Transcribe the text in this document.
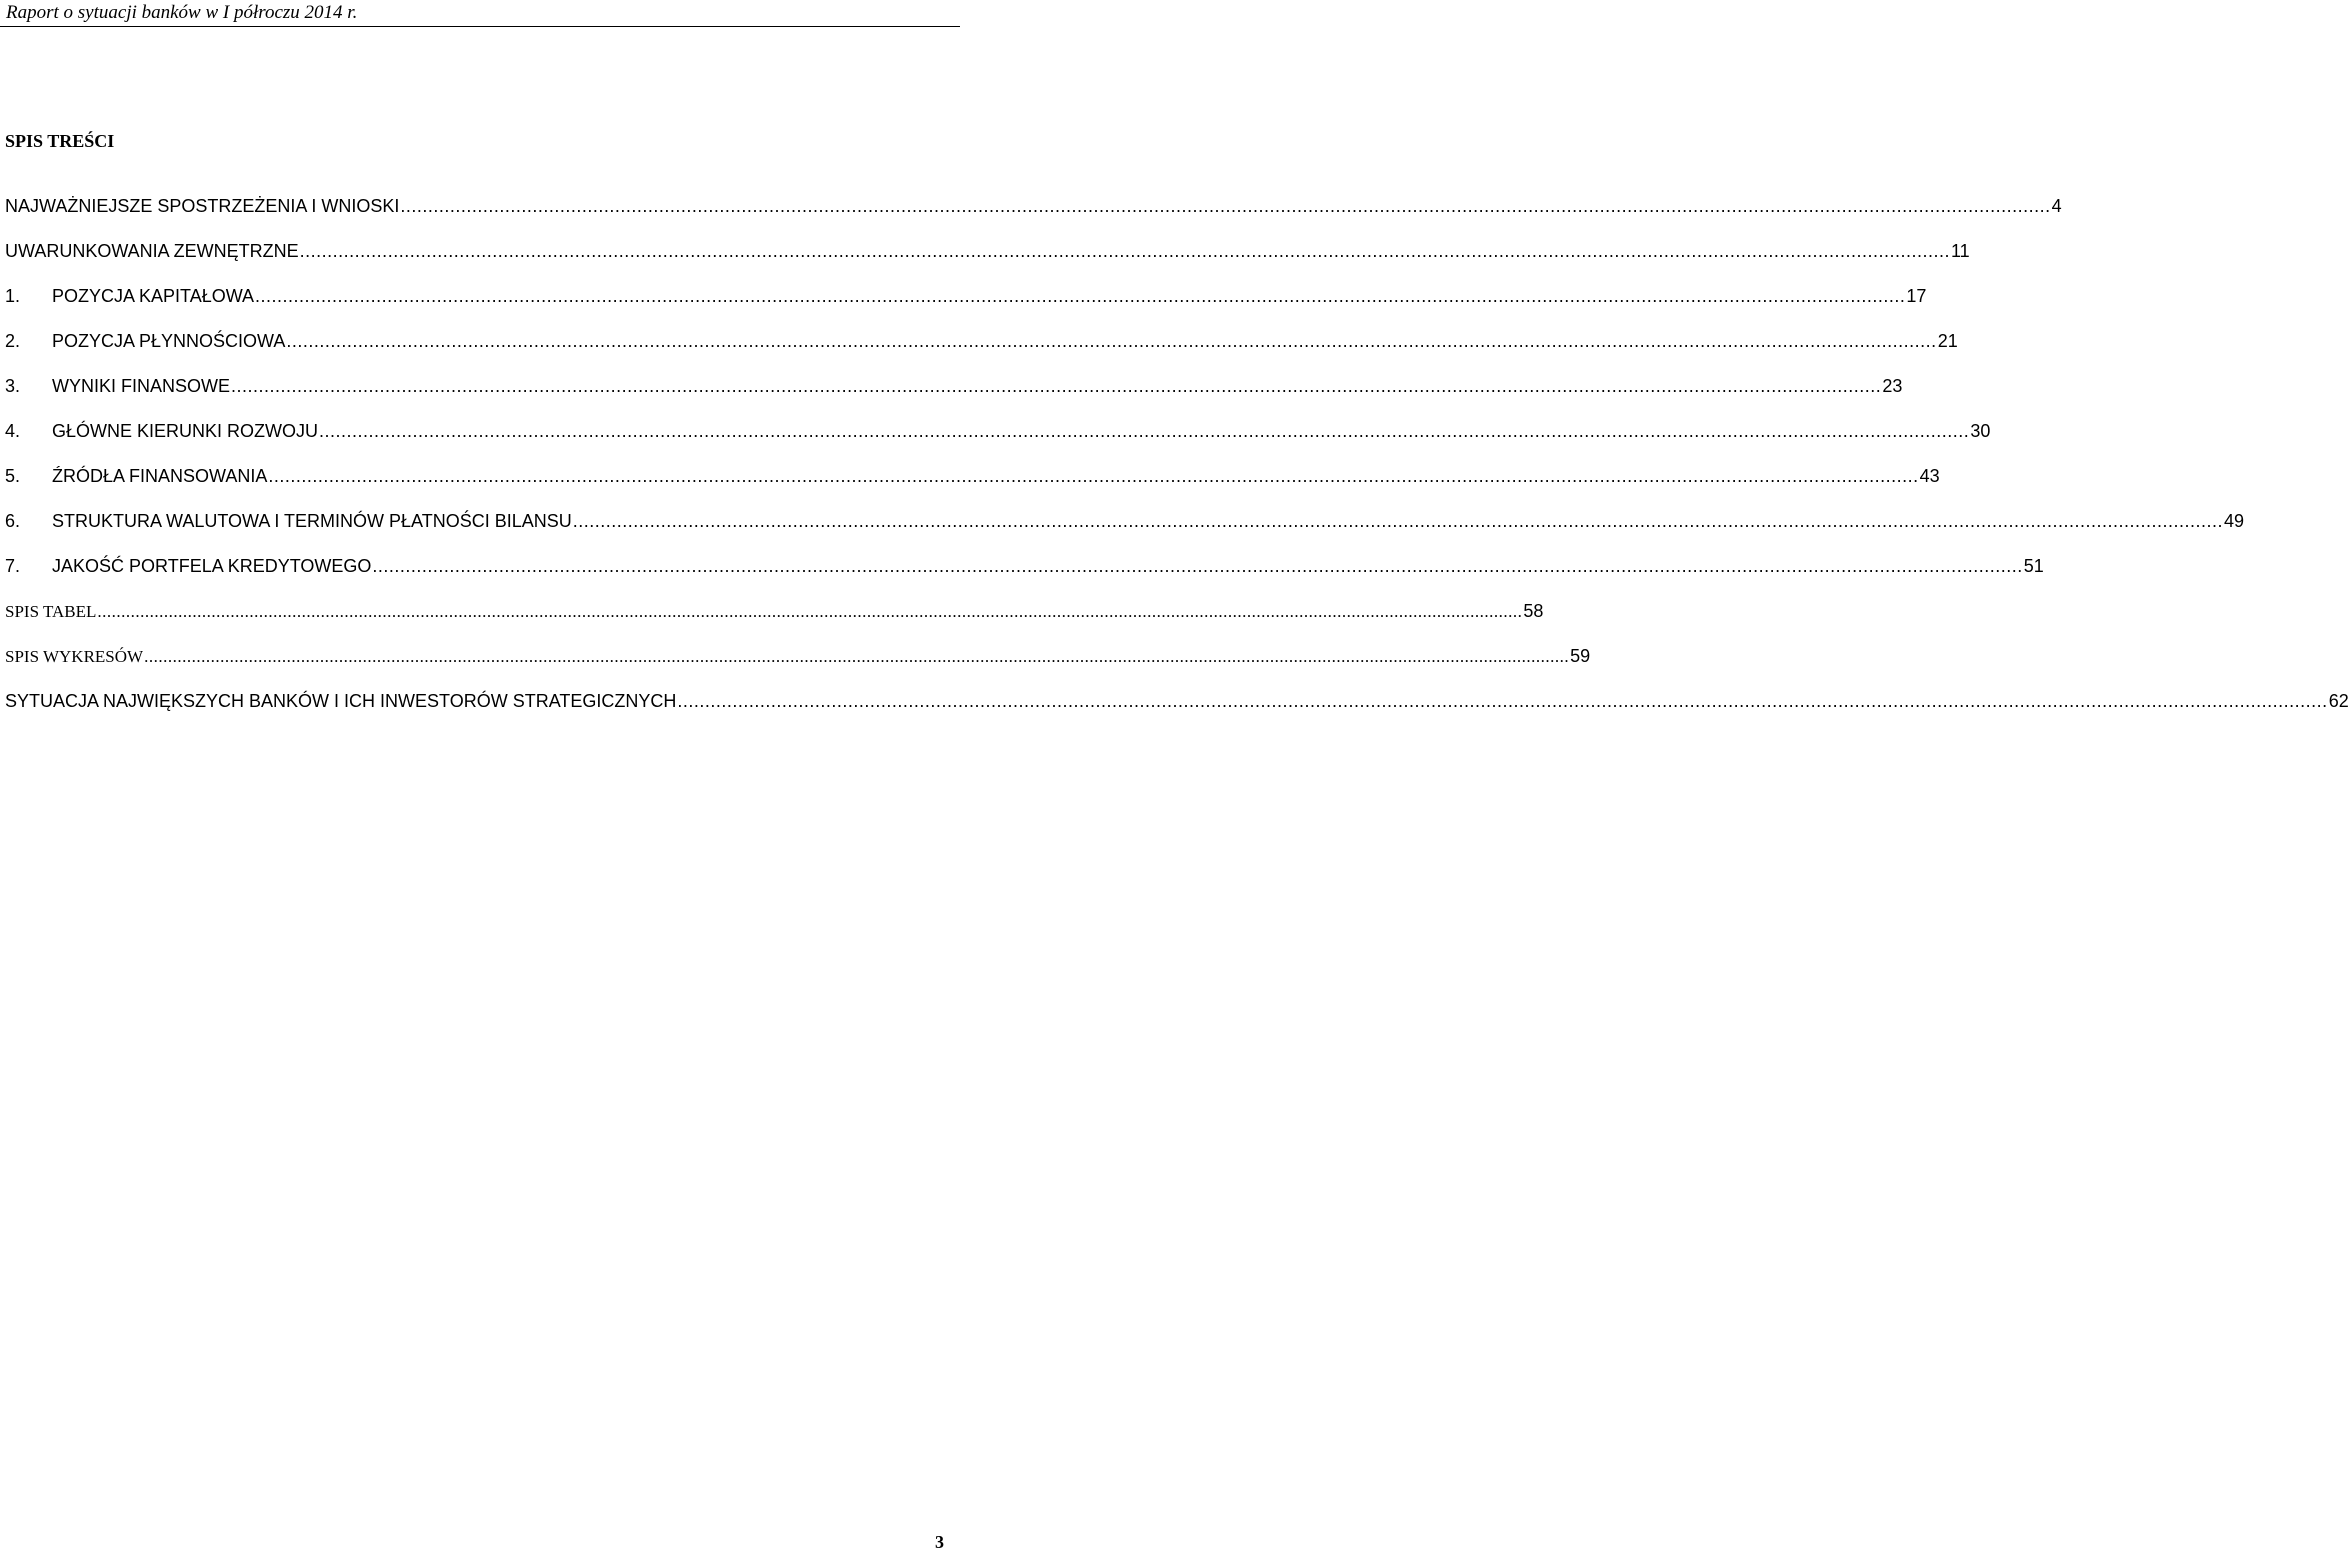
Raport o sytuacji banków w I półroczu 2014 r.
SPIS TREŚCI
NAJWAŻNIEJSZE SPOSTRZEŻENIA I WNIOSKI ............................................................................................................................................................................................................................................................................................................ 4
UWARUNKOWANIA ZEWNĘTRZNE ............................................................................................................................................................................................................................................................................................................ 11
1.	POZYCJA KAPITAŁOWA ............................................................................................................................................................................................................................................................................................................ 17
2.	POZYCJA PŁYNNOŚCIOWA ............................................................................................................................................................................................................................................................................................................ 21
3.	WYNIKI FINANSOWE ............................................................................................................................................................................................................................................................................................................ 23
4.	GŁÓWNE KIERUNKI ROZWOJU ............................................................................................................................................................................................................................................................................................................ 30
5.	ŹRÓDŁA FINANSOWANIA ............................................................................................................................................................................................................................................................................................................ 43
6.	STRUKTURA WALUTOWA I TERMINÓW PŁATNOŚCI BILANSU ............................................................................................................................................................................................................................................................................................................ 49
7.	JAKOŚĆ PORTFELA KREDYTOWEGO ............................................................................................................................................................................................................................................................................................................ 51
SPIS TABEL ............................................................................................................................................................................................................................................................................................................ 58
SPIS WYKRESÓW ............................................................................................................................................................................................................................................................................................................ 59
SYTUACJA NAJWIĘKSZYCH BANKÓW I ICH INWESTORÓW STRATEGICZNYCH ............................................................................................................................................................................................................................................................................................................ 62
3
